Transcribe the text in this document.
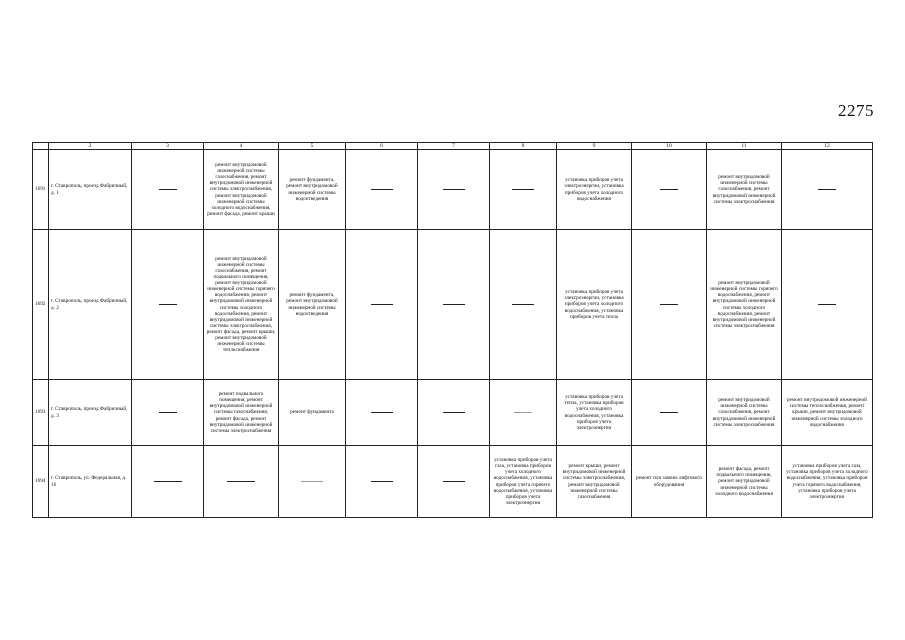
2275
	2	3	4	5	6	7	8	9	10	11	12
1691	г. Ставрополь, проезд Фабричный, д. 1		ремонт внутридомовой инженерной системы газоснабжения, ремонт внутридомовой инженерной системы электроснабжения, ремонт внутридомовой инженерной системы холодного водоснабжения, ремонт фасада, ремонт крыши	ремонт фундамента, ремонт внутридомовой инженерной системы водоотведения				установка приборов учета электроэнергии, установка приборов учета холодного водоснабжения		ремонт внутридомовой инженерной системы газоснабжения, ремонт внутридомовой инженерной системы электроснабжения	
1692	г. Ставрополь, проезд Фабричный, д. 2		ремонт внутридомовой инженерной системы газоснабжения, ремонт подвального помещения, ремонт внутридомовой инженерной системы горячего водоснабжения, ремонт внутридомовой инженерной системы холодного водоснабжения, ремонт внутридомовой инженерной системы электроснабжения, ремонт фасада, ремонт крыши, ремонт внутридомовой инженерной системы теплоснабжения	ремонт фундамента, ремонт внутридомовой инженерной системы водоотведения				установка приборов учета электроэнергии, установка приборов учета холодного водоснабжения, установка приборов учета тепла		ремонт внутридомовой инженерной системы горячего водоснабжения, ремонт внутридомовой инженерной системы холодного водоснабжения, ремонт внутридомовой инженерной системы электроснабжения	
1693	г. Ставрополь, проезд Фабричный, д. 3		ремонт подвального помещения, ремонт внутридомовой инженерной системы газоснабжения, ремонт фасада, ремонт внутридомовой инженерной системы электроснабжения	ремонт фундамента				установка приборов учета тепла, установка приборов учета холодного водоснабжения, установка приборов учета электроэнергии		ремонт внутридомовой инженерной системы газоснабжения, ремонт внутридомовой инженерной системы электроснабжения	ремонт внутридомовой инженерной системы теплоснабжения, ремонт крыши, ремонт внутридомовой инженерной системы холодного водоснабжения
1694	г. Ставрополь, ул. Федеральная, д. 16						установка приборов учета газа, установка приборов учета холодного водоснабжения, установка приборов учета горячего водоснабжения, установка приборов учета электроэнергии	ремонт крыши, ремонт внутридомовой инженерной системы электроснабжения, ремонт внутридомовой инженерной системы газоснабжения	ремонт или замена лифтового оборудования	ремонт фасада, ремонт подвального помещения, ремонт внутридомовой инженерной системы холодного водоснабжения	установка приборов учета газа, установка приборов учета холодного водоснабжения, установка приборов учета горячего водоснабжения, установка приборов учета электроэнергии
